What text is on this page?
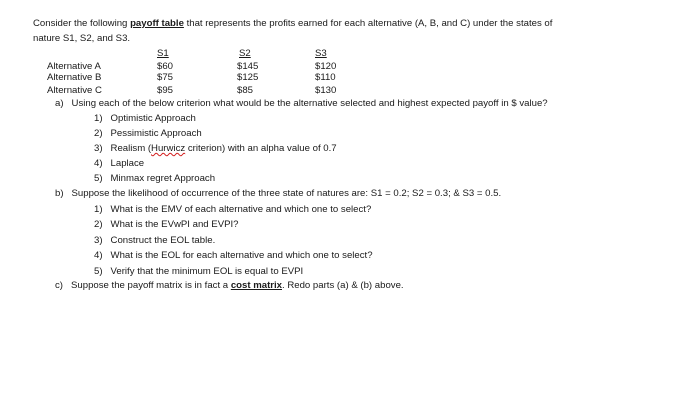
Consider the following payoff table that represents the profits earned for each alternative (A, B, and C) under the states of
nature S1, S2, and S3.
S1	S2	S3
Alternative A	$60	$145	$120
Alternative B	$75	$125	$110
Alternative C	$95	$85	$130
a) Using each of the below criterion what would be the alternative selected and highest expected payoff in $ value?
1) Optimistic Approach
2) Pessimistic Approach
3) Realism (Hurwicz criterion) with an alpha value of 0.7
4) Laplace
5) Minmax regret Approach
b) Suppose the likelihood of occurrence of the three state of natures are: S1 = 0.2; S2 = 0.3; & S3 = 0.5.
1) What is the EMV of each alternative and which one to select?
2) What is the EVwPI and EVPI?
3) Construct the EOL table.
4) What is the EOL for each alternative and which one to select?
5) Verify that the minimum EOL is equal to EVPI
c) Suppose the payoff matrix is in fact a cost matrix. Redo parts (a) & (b) above.
